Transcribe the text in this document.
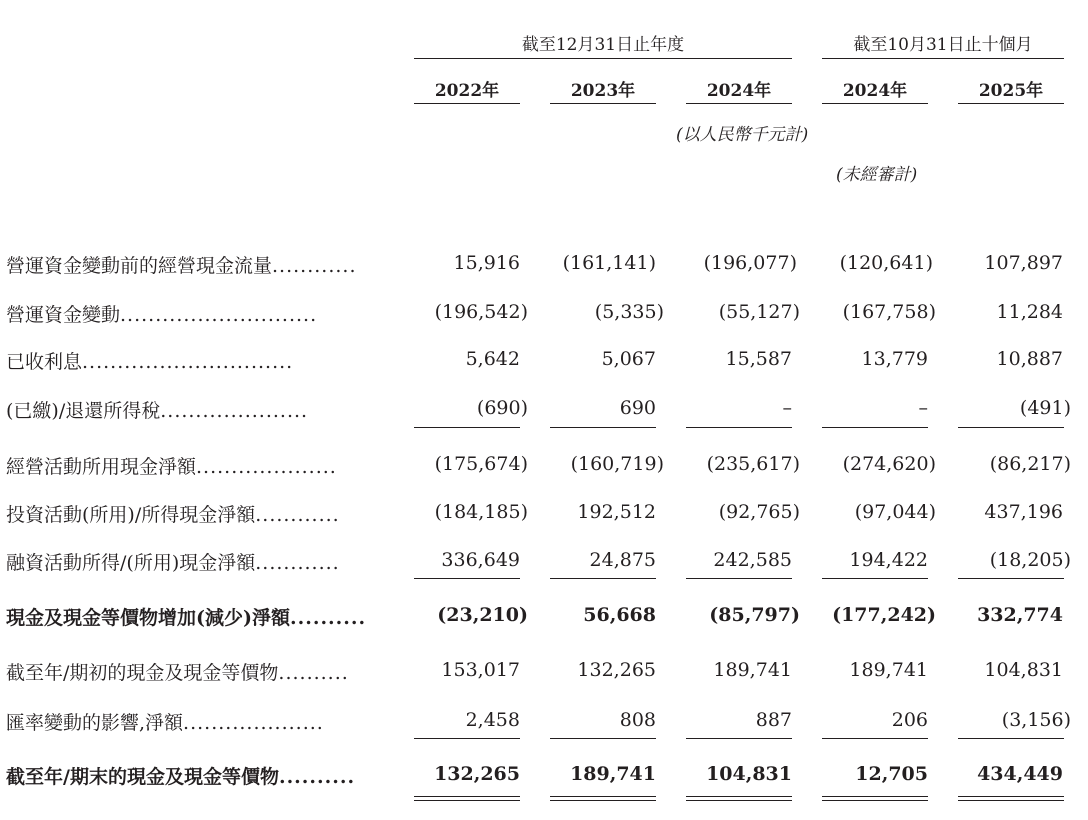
截至12月31日止年度	截至10月31日止十個月
2022年	2023年	2024年	2024年	2025年
(以人民幣千元計)
(未經審計)
營運資金變動前的經營現金流量............	15,916	(161,141)	(196,077)	(120,641)	107,897
營運資金變動............................	(196,542)	(5,335)	(55,127)	(167,758)	11,284
已收利息..............................	5,642	5,067	15,587	13,779	10,887
(已繳)/退還所得稅.....................	(690)	690	–	–	(491)
經營活動所用現金淨額....................	(175,674)	(160,719)	(235,617)	(274,620)	(86,217)
投資活動(所用)/所得現金淨額............	(184,185)	192,512	(92,765)	(97,044)	437,196
融資活動所得/(所用)現金淨額............	336,649	24,875	242,585	194,422	(18,205)
現金及現金等價物增加(減少)淨額..........	(23,210)	56,668	(85,797)	(177,242)	332,774
截至年/期初的現金及現金等價物..........	153,017	132,265	189,741	189,741	104,831
匯率變動的影響,淨額....................	2,458	808	887	206	(3,156)
截至年/期末的現金及現金等價物..........	132,265	189,741	104,831	12,705	434,449
